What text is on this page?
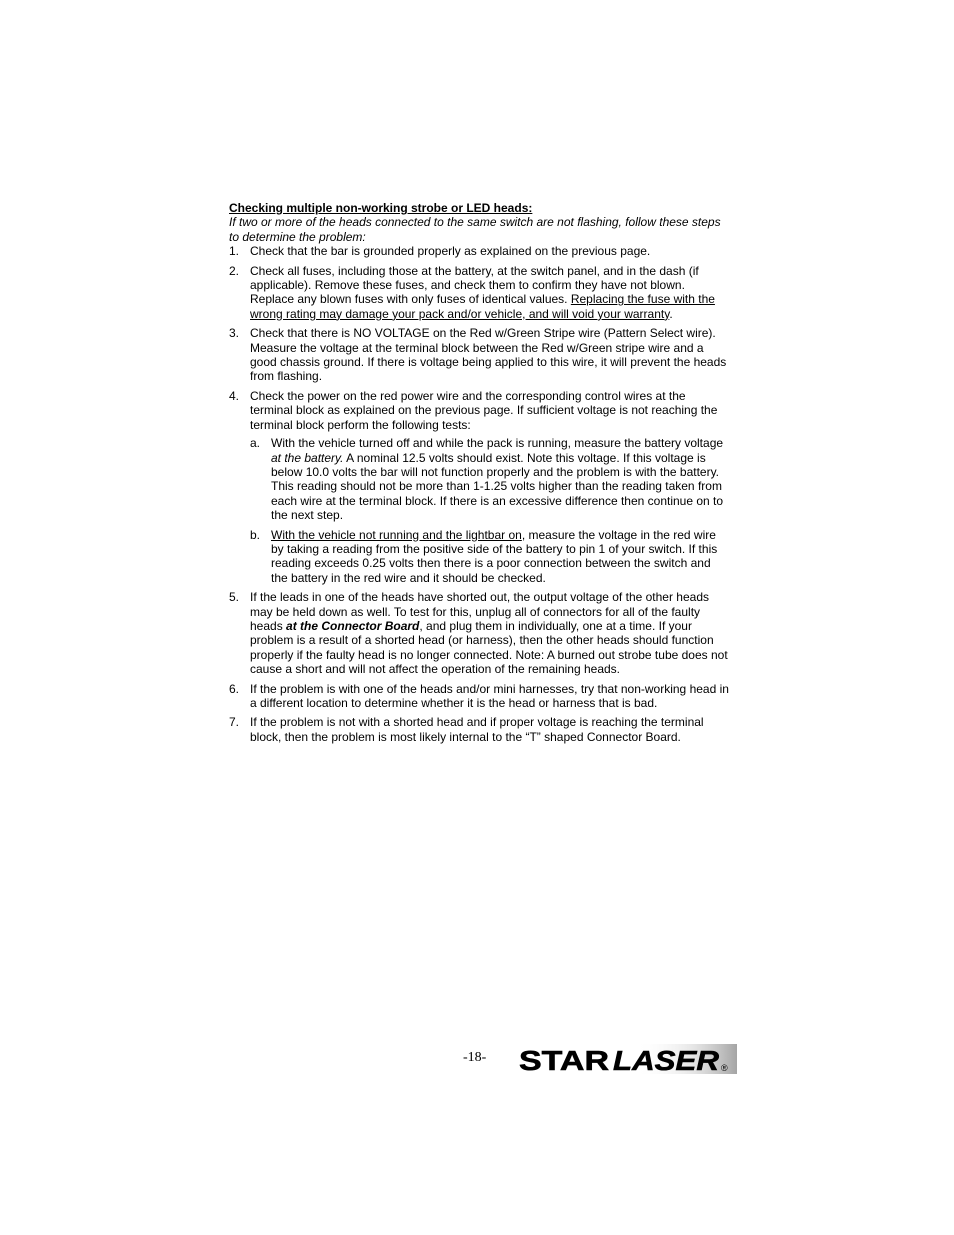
Checking multiple non-working strobe or LED heads:
If two or more of the heads connected to the same switch are not flashing, follow these steps to determine the problem:
1. Check that the bar is grounded properly as explained on the previous page.
2. Check all fuses, including those at the battery, at the switch panel, and in the dash (if applicable). Remove these fuses, and check them to confirm they have not blown. Replace any blown fuses with only fuses of identical values. Replacing the fuse with the wrong rating may damage your pack and/or vehicle, and will void your warranty.
3. Check that there is NO VOLTAGE on the Red w/Green Stripe wire (Pattern Select wire). Measure the voltage at the terminal block between the Red w/Green stripe wire and a good chassis ground. If there is voltage being applied to this wire, it will prevent the heads from flashing.
4. Check the power on the red power wire and the corresponding control wires at the terminal block as explained on the previous page. If sufficient voltage is not reaching the terminal block perform the following tests:
a. With the vehicle turned off and while the pack is running, measure the battery voltage at the battery. A nominal 12.5 volts should exist. Note this voltage. If this voltage is below 10.0 volts the bar will not function properly and the problem is with the battery. This reading should not be more than 1-1.25 volts higher than the reading taken from each wire at the terminal block. If there is an excessive difference then continue on to the next step.
b. With the vehicle not running and the lightbar on, measure the voltage in the red wire by taking a reading from the positive side of the battery to pin 1 of your switch. If this reading exceeds 0.25 volts then there is a poor connection between the switch and the battery in the red wire and it should be checked.
5. If the leads in one of the heads have shorted out, the output voltage of the other heads may be held down as well. To test for this, unplug all of connectors for all of the faulty heads at the Connector Board, and plug them in individually, one at a time. If your problem is a result of a shorted head (or harness), then the other heads should function properly if the faulty head is no longer connected. Note: A burned out strobe tube does not cause a short and will not affect the operation of the remaining heads.
6. If the problem is with one of the heads and/or mini harnesses, try that non-working head in a different location to determine whether it is the head or harness that is bad.
7. If the problem is not with a shorted head and if proper voltage is reaching the terminal block, then the problem is most likely internal to the “T” shaped Connector Board.
-18- STAR LASER ®
